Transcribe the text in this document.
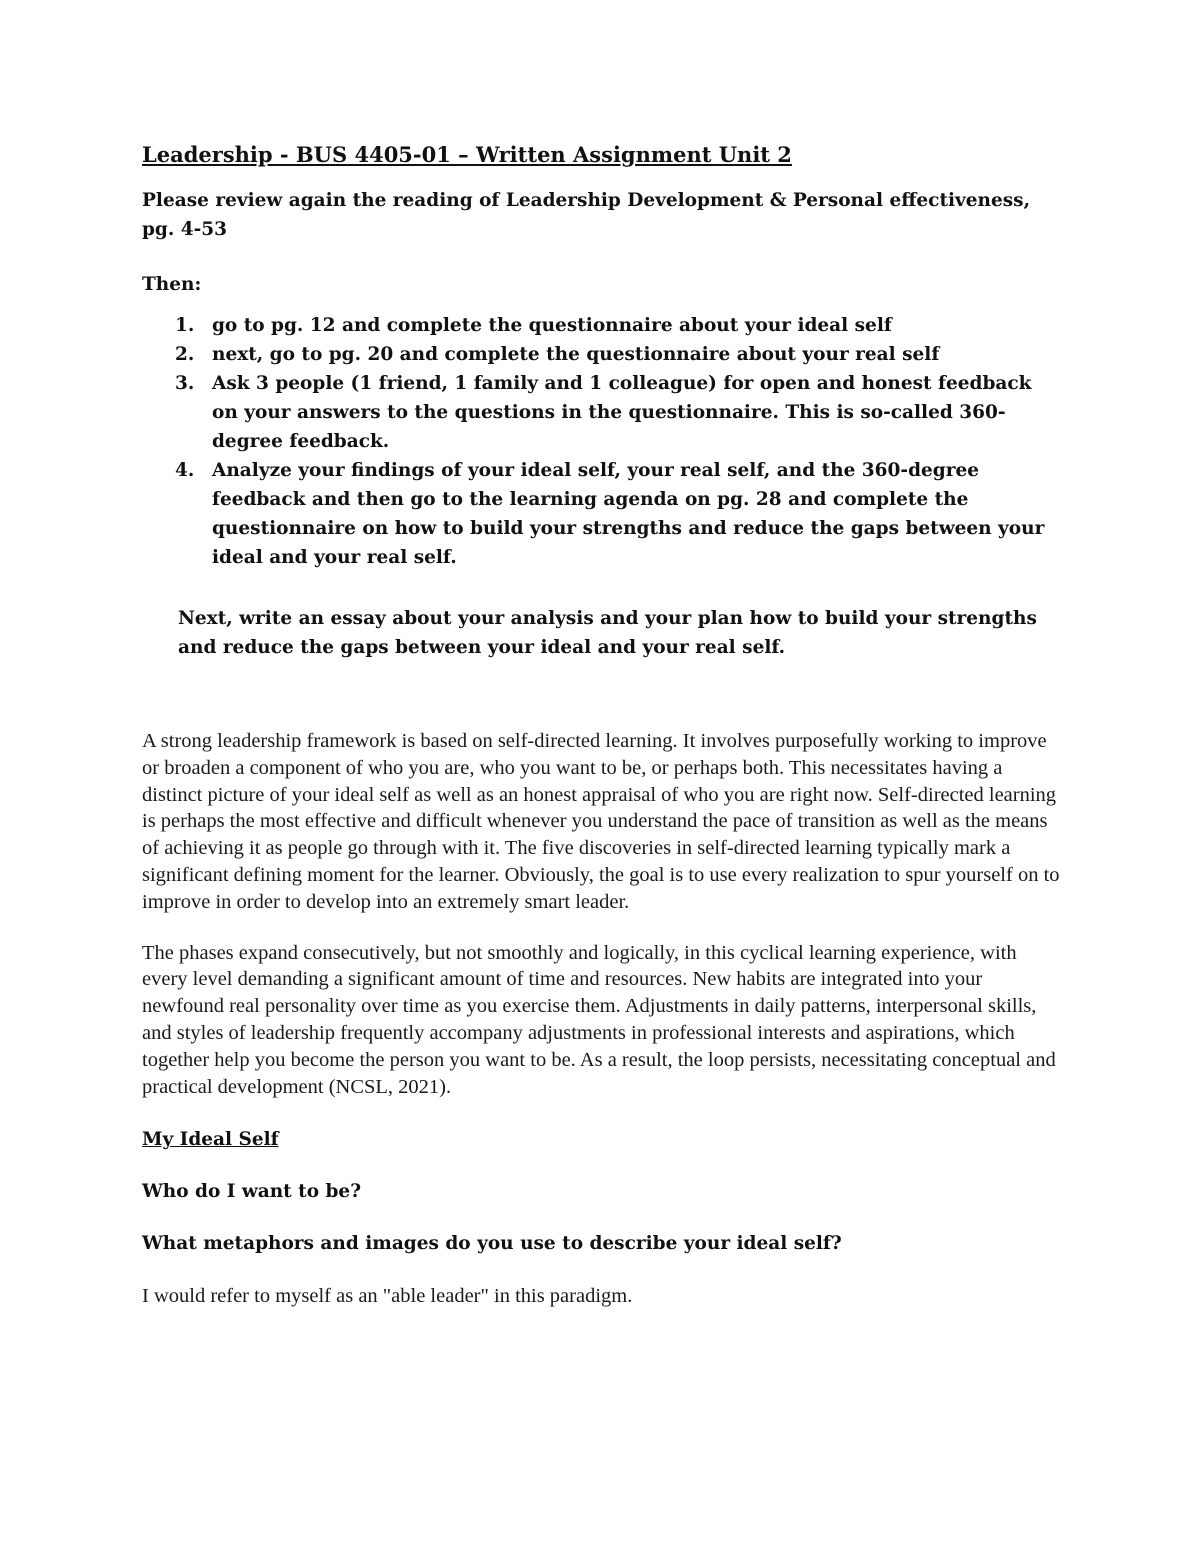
Leadership - BUS 4405-01 – Written Assignment Unit 2

Please review again the reading of Leadership Development & Personal effectiveness, pg. 4-53

Then:

1. go to pg. 12 and complete the questionnaire about your ideal self
2. next, go to pg. 20 and complete the questionnaire about your real self
3. Ask 3 people (1 friend, 1 family and 1 colleague) for open and honest feedback on your answers to the questions in the questionnaire. This is so-called 360-degree feedback.
4. Analyze your findings of your ideal self, your real self, and the 360-degree feedback and then go to the learning agenda on pg. 28 and complete the questionnaire on how to build your strengths and reduce the gaps between your ideal and your real self.
Next, write an essay about your analysis and your plan how to build your strengths and reduce the gaps between your ideal and your real self.

A strong leadership framework is based on self-directed learning. It involves purposefully working to improve or broaden a component of who you are, who you want to be, or perhaps both. This necessitates having a distinct picture of your ideal self as well as an honest appraisal of who you are right now. Self-directed learning is perhaps the most effective and difficult whenever you understand the pace of transition as well as the means of achieving it as people go through with it. The five discoveries in self-directed learning typically mark a significant defining moment for the learner. Obviously, the goal is to use every realization to spur yourself on to improve in order to develop into an extremely smart leader.

The phases expand consecutively, but not smoothly and logically, in this cyclical learning experience, with every level demanding a significant amount of time and resources. New habits are integrated into your newfound real personality over time as you exercise them. Adjustments in daily patterns, interpersonal skills, and styles of leadership frequently accompany adjustments in professional interests and aspirations, which together help you become the person you want to be. As a result, the loop persists, necessitating conceptual and practical development (NCSL, 2021).

My Ideal Self
Who do I want to be?
What metaphors and images do you use to describe your ideal self?
I would refer to myself as an "able leader" in this paradigm.
